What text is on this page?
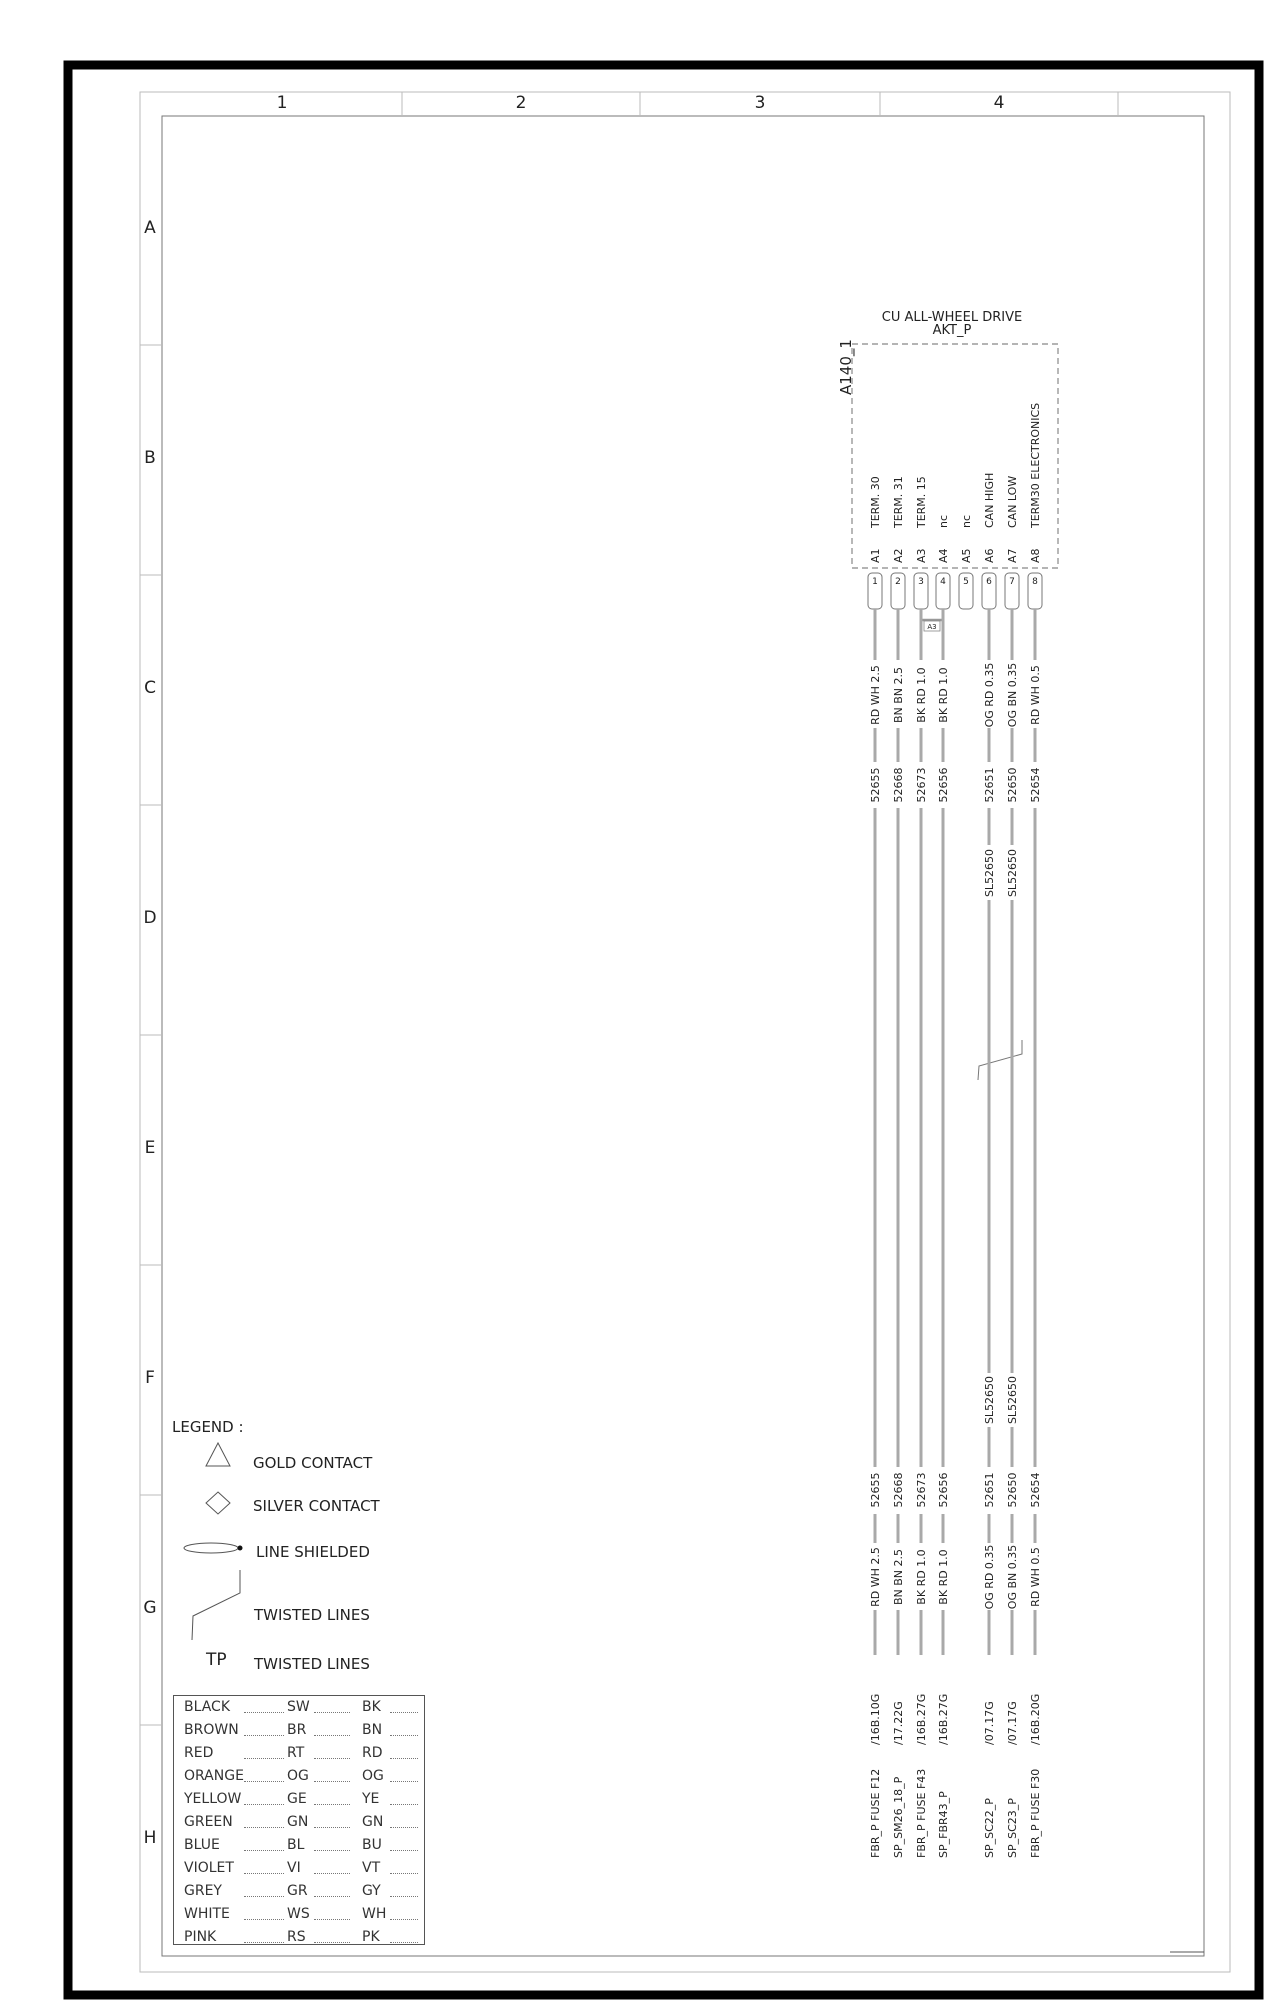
1	2	3	4
A
B
C
D
E
F
G
H
CU ALL-WHEEL DRIVE
AKT_P
A140_1
A3
TERM. 30
A1
1
TERM. 31
A2
2
TERM. 15
A3
3
nc
A4
4
nc
A5
5
CAN HIGH
A6
6
CAN LOW
A7
7
TERM30 ELECTRONICS
A8
8
RD WH 2.5
52655
52655
RD WH 2.5
/16B.10G
FBR_P FUSE F12
BN BN 2.5
52668
52668
BN BN 2.5
/17.22G
SP_SM26_18_P
BK RD 1.0
52673
52673
BK RD 1.0
/16B.27G
FBR_P FUSE F43
BK RD 1.0
52656
52656
BK RD 1.0
/16B.27G
SP_FBR43_P
OG RD 0.35
52651
52651
OG RD 0.35
SL52650
SL52650
/07.17G
SP_SC22_P
OG BN 0.35
52650
52650
OG BN 0.35
SL52650
SL52650
/07.17G
SP_SC23_P
RD WH 0.5
52654
52654
RD WH 0.5
/16B.20G
FBR_P FUSE F30
LEGEND :
GOLD CONTACT
SILVER CONTACT
LINE SHIELDED
TWISTED LINES
TP TWISTED LINES
BLACK	SW	BK
BROWN	BR	BN
RED	RT	RD
ORANGE	OG	OG
YELLOW	GE	YE
GREEN	GN	GN
BLUE	BL	BU
VIOLET	VI	VT
GREY	GR	GY
WHITE	WS	WH
PINK	RS	PK
